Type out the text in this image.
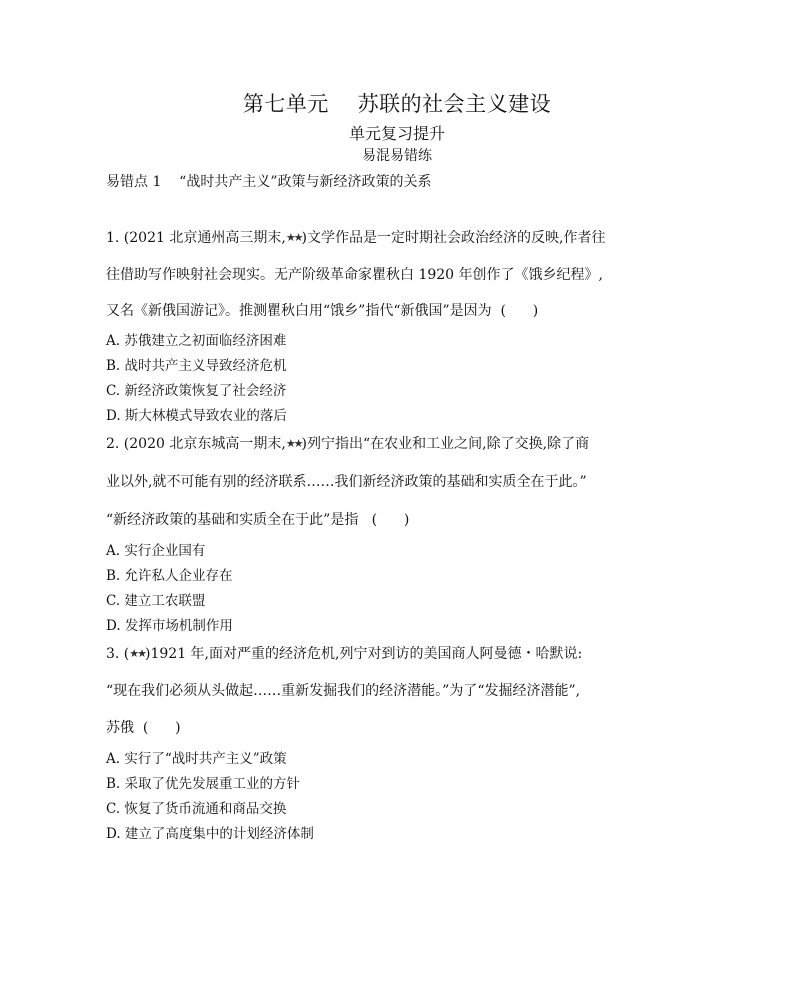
第七单元    苏联的社会主义建设
单元复习提升
易混易错练
易错点 1    “战时共产主义”政策与新经济政策的关系
1. (2021 北京通州高三期末,★★)文学作品是一定时期社会政治经济的反映,作者往
往借助写作映射社会现实。无产阶级革命家瞿秋白 1920 年创作了《饿乡纪程》,
又名《新俄国游记》。推测瞿秋白用“饿乡”指代“新俄国”是因为  (      )
A. 苏俄建立之初面临经济困难
B. 战时共产主义导致经济危机
C. 新经济政策恢复了社会经济
D. 斯大林模式导致农业的落后
2. (2020 北京东城高一期末,★★)列宁指出“在农业和工业之间,除了交换,除了商
业以外,就不可能有别的经济联系……我们新经济政策的基础和实质全在于此。”
“新经济政策的基础和实质全在于此”是指   (      )
A. 实行企业国有
B. 允许私人企业存在
C. 建立工农联盟
D. 发挥市场机制作用
3. (★★)1921 年,面对严重的经济危机,列宁对到访的美国商人阿曼德・哈默说:
“现在我们必须从头做起……重新发掘我们的经济潜能。”为了“发掘经济潜能”,
苏俄  (      )
A. 实行了“战时共产主义”政策
B. 采取了优先发展重工业的方针
C. 恢复了货币流通和商品交换
D. 建立了高度集中的计划经济体制
